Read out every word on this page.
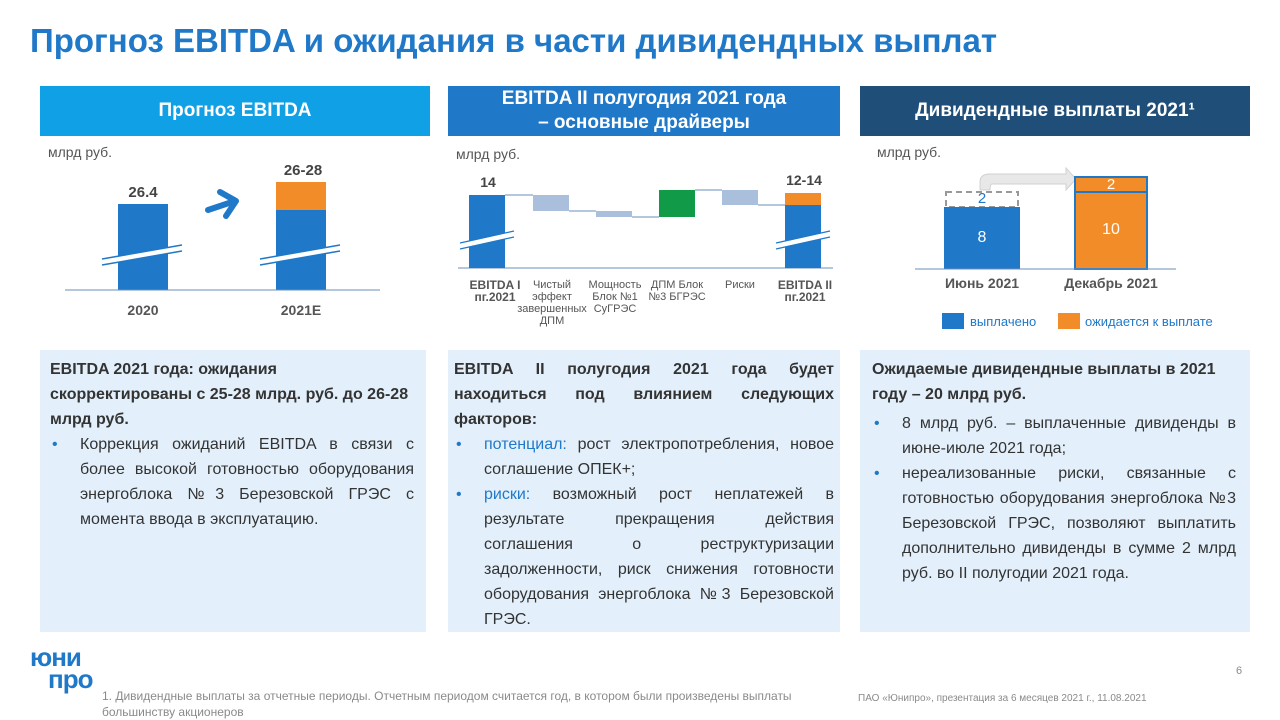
Прогноз EBITDA и ожидания в части дивидендных выплат
Прогноз EBITDA
млрд руб.
26.4
26-28
2020	2021E
EBITDA 2021 года: ожидания скорректированы с 25-28 млрд. руб. до 26-28 млрд руб.
• Коррекция ожиданий EBITDA в связи с более высокой готовностью оборудования энергоблока №3 Березовской ГРЭС с момента ввода в эксплуатацию.
EBITDA II полугодия 2021 года
– основные драйверы
млрд руб.
14	12-14
EBITDA I пг.2021
Чистый эффект завершенных ДПМ
Мощность Блок №1 СуГРЭС
ДПМ Блок №3 БГРЭС
Риски	EBITDA II пг.2021
EBITDA II полугодия 2021 года будет находиться под влиянием следующих факторов:
• потенциал: рост электропотребления, новое соглашение ОПЕК+;
• риски: возможный рост неплатежей в результате прекращения действия соглашения о реструктуризации задолженности, риск снижения готовности оборудования энергоблока №3 Березовской ГРЭС.
Дивидендные выплаты 2021¹
млрд руб.
2
8
2
10
Июнь 2021	Декабрь 2021
выплачено	ожидается к выплате
Ожидаемые дивидендные выплаты в 2021 году – 20 млрд руб.
• 8 млрд руб. – выплаченные дивиденды в июне-июле 2021 года;
• нереализованные риски, связанные с готовностью оборудования энергоблока №3 Березовской ГРЭС, позволяют выплатить дополнительно дивиденды в сумме 2 млрд руб. во II полугодии 2021 года.
юни
про
1. Дивидендные выплаты за отчетные периоды. Отчетным периодом считается год, в котором были произведены выплаты большинству акционеров
ПАО «Юнипро», презентация за 6 месяцев 2021 г., 11.08.2021
6
